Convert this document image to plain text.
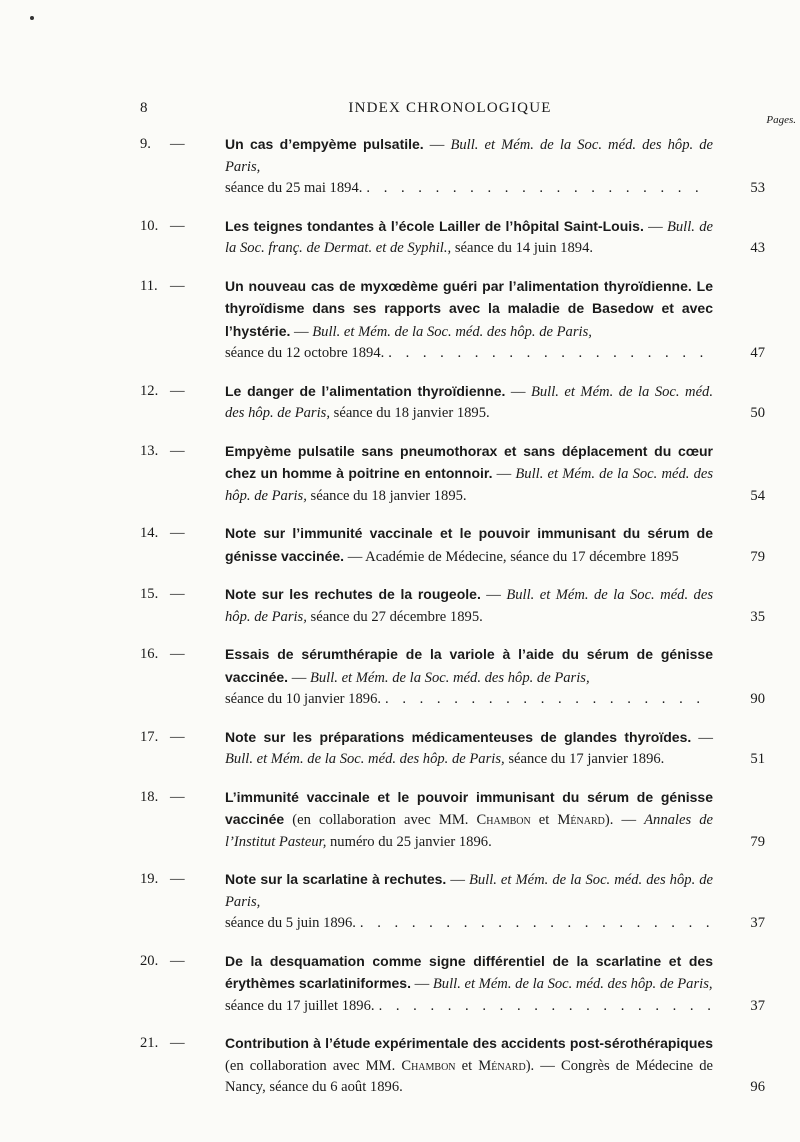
8	INDEX CHRONOLOGIQUE
Pages.
9.	—	Un cas d’empyème pulsatile. — Bull. et Mém. de la Soc. méd. des hôp. de Paris,
séance du 25 mai 1894. . . .	53
10. —	Les teignes tondantes à l’école Lailler de l’hôpital Saint-Louis. — Bull. de la Soc. franç. de Dermat. et de Syphil., séance du 14 juin 1894.	43
11. —	Un nouveau cas de myxœdème guéri par l’alimentation thyroïdienne. Le thyroïdisme dans ses rapports avec la maladie de Basedow et avec l’hystérie. — Bull. et Mém. de la Soc. méd. des hôp. de Paris,
séance du 12 octobre 1894. . . .	47
12. —	Le danger de l’alimentation thyroïdienne. — Bull. et Mém. de la Soc. méd. des hôp. de Paris, séance du 18 janvier 1895.	50
13. —	Empyème pulsatile sans pneumothorax et sans déplacement du cœur chez un homme à poitrine en entonnoir. — Bull. et Mém. de la Soc. méd. des hôp. de Paris, séance du 18 janvier 1895.	54
14. —	Note sur l’immunité vaccinale et le pouvoir immunisant du sérum de génisse vaccinée. — Académie de Médecine, séance du 17 décembre 1895	79
15. —	Note sur les rechutes de la rougeole. — Bull. et Mém. de la Soc. méd. des hôp. de Paris, séance du 27 décembre 1895.	35
16. —	Essais de sérumthérapie de la variole à l’aide du sérum de génisse vaccinée. — Bull. et Mém. de la Soc. méd. des hôp. de Paris,
séance du 10 janvier 1896. . . .	90
17. —	Note sur les préparations médicamenteuses de glandes thyroïdes. — Bull. et Mém. de la Soc. méd. des hôp. de Paris, séance du 17 janvier 1896.	51
18. —	L’immunité vaccinale et le pouvoir immunisant du sérum de génisse vaccinée (en collaboration avec MM. Chambon et Ménard). — Annales de l’Institut Pasteur, numéro du 25 janvier 1896.	79
19. —	Note sur la scarlatine à rechutes. — Bull. et Mém. de la Soc. méd. des hôp. de Paris,
séance du 5 juin 1896. . . .	37
20. —	De la desquamation comme signe différentiel de la scarlatine et des érythèmes scarlatiniformes. — Bull. et Mém. de la Soc. méd. des hôp. de Paris,
séance du 17 juillet 1896. . . .	37
21. —	Contribution à l’étude expérimentale des accidents post-sérothérapiques (en collaboration avec MM. Chambon et Ménard). — Congrès de Médecine de Nancy, séance du 6 août 1896.	96
